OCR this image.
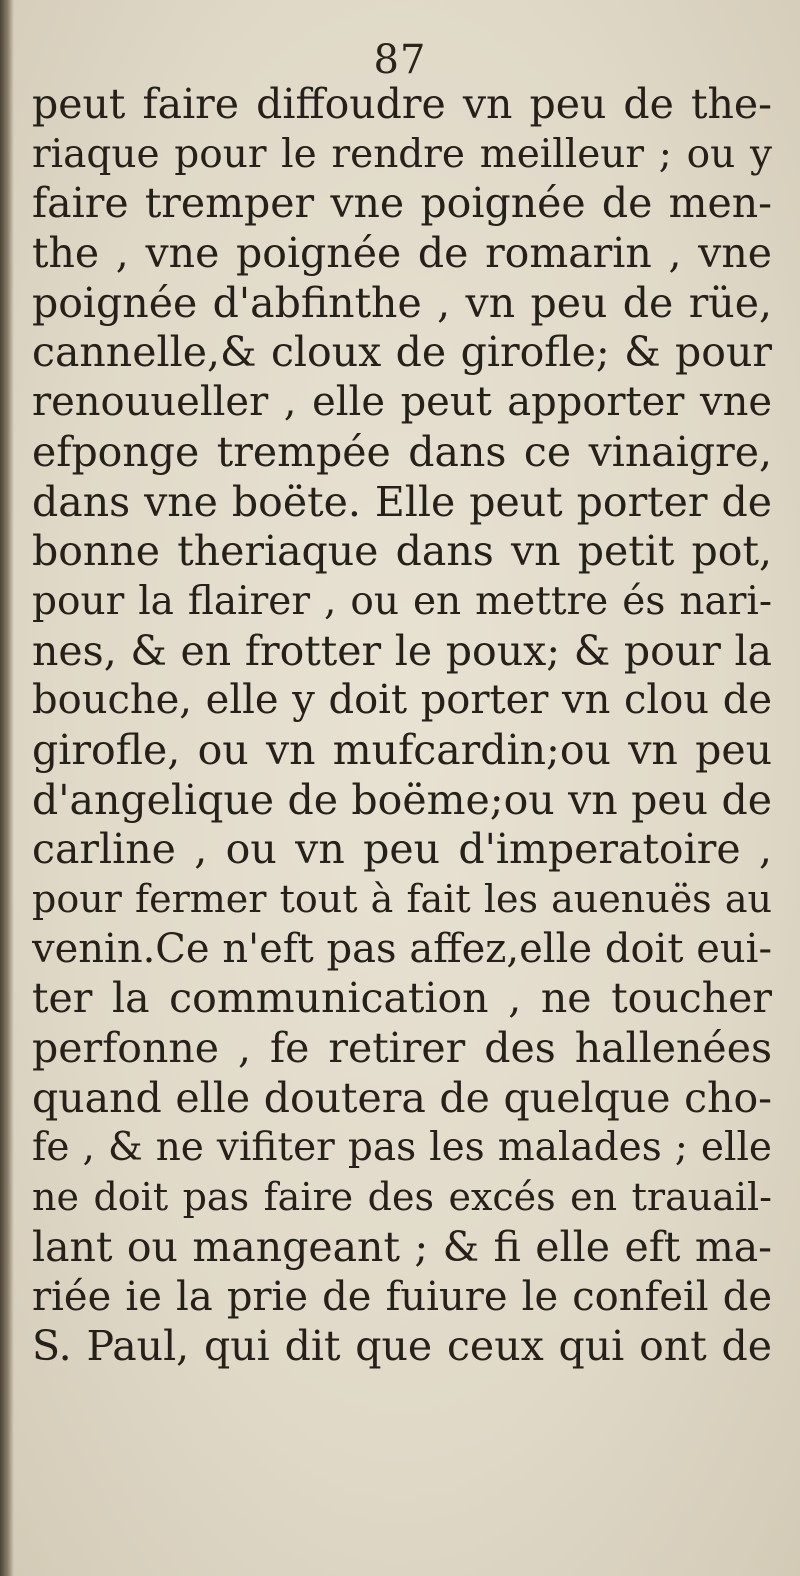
87
peut faire diffoudre vn peu de the-
riaque pour le rendre meilleur ; ou y
faire tremper vne poignée de men-
the , vne poignée de romarin , vne
poignée d'abfinthe , vn peu de rüe,
cannelle,& cloux de girofle; & pour
renouueller , elle peut apporter vne
efponge trempée dans ce vinaigre,
dans vne boëte. Elle peut porter de
bonne theriaque dans vn petit pot,
pour la flairer , ou en mettre és nari-
nes, & en frotter le poux; & pour la
bouche, elle y doit porter vn clou de
girofle, ou vn mufcardin;ou vn peu
d'angelique de boëme;ou vn peu de
carline , ou vn peu d'imperatoire ,
pour fermer tout à fait les auenuës au
venin.Ce n'eft pas affez,elle doit eui-
ter la communication , ne toucher
perfonne , fe retirer des hallenées
quand elle doutera de quelque cho-
fe , & ne vifiter pas les malades ; elle
ne doit pas faire des excés en trauail-
lant ou mangeant ; & fi elle eft ma-
riée ie la prie de fuiure le confeil de
S. Paul, qui dit que ceux qui ont de
